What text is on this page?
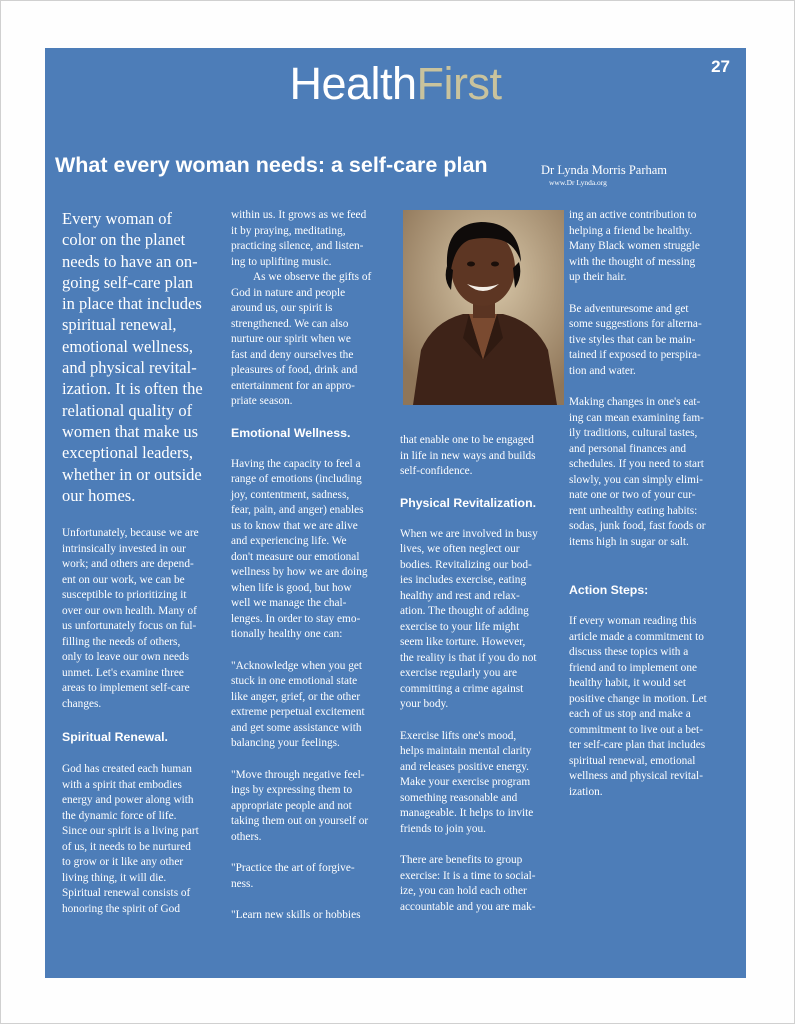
HealthFirst	27
What every woman needs: a self-care plan	Dr Lynda Morris Parham
www.Dr Lynda.org

Every woman of
color on the planet
needs to have an on-
going self-care plan
in place that includes
spiritual renewal,
emotional wellness,
and physical revital-
ization. It is often the
relational quality of
women that make us
exceptional leaders,
whether in or outside
our homes.

Unfortunately, because we are
intrinsically invested in our
work; and others are depend-
ent on our work, we can be
susceptible to prioritizing it
over our own health. Many of
us unfortunately focus on ful-
filling the needs of others,
only to leave our own needs
unmet. Let's examine three
areas to implement self-care
changes.

Spiritual Renewal.

God has created each human
with a spirit that embodies
energy and power along with
the dynamic force of life.
Since our spirit is a living part
of us, it needs to be nurtured
to grow or it like any other
living thing, it will die.
Spiritual renewal consists of
honoring the spirit of God

within us. It grows as we feed
it by praying, meditating,
practicing silence, and listen-
ing to uplifting music.

As we observe the gifts of
God in nature and people
around us, our spirit is
strengthened. We can also
nurture our spirit when we
fast and deny ourselves the
pleasures of food, drink and
entertainment for an appro-
priate season.

Emotional Wellness.

Having the capacity to feel a
range of emotions (including
joy, contentment, sadness,
fear, pain, and anger) enables
us to know that we are alive
and experiencing life. We
don't measure our emotional
wellness by how we are doing
when life is good, but how
well we manage the chal-
lenges. In order to stay emo-
tionally healthy one can:

"Acknowledge when you get
stuck in one emotional state
like anger, grief, or the other
extreme perpetual excitement
and get some assistance with
balancing your feelings.

"Move through negative feel-
ings by expressing them to
appropriate people and not
taking them out on yourself or
others.

"Practice the art of forgive-
ness.

"Learn new skills or hobbies

that enable one to be engaged
in life in new ways and builds
self-confidence.

Physical Revitalization.

When we are involved in busy
lives, we often neglect our
bodies. Revitalizing our bod-
ies includes exercise, eating
healthy and rest and relax-
ation. The thought of adding
exercise to your life might
seem like torture. However,
the reality is that if you do not
exercise regularly you are
committing a crime against
your body.

Exercise lifts one's mood,
helps maintain mental clarity
and releases positive energy.
Make your exercise program
something reasonable and
manageable. It helps to invite
friends to join you.

There are benefits to group
exercise: It is a time to social-
ize, you can hold each other
accountable and you are mak-

ing an active contribution to
helping a friend be healthy.
Many Black women struggle
with the thought of messing
up their hair.

Be adventuresome and get
some suggestions for alterna-
tive styles that can be main-
tained if exposed to perspira-
tion and water.

Making changes in one's eat-
ing can mean examining fam-
ily traditions, cultural tastes,
and personal finances and
schedules. If you need to start
slowly, you can simply elimi-
nate one or two of your cur-
rent unhealthy eating habits:
sodas, junk food, fast foods or
items high in sugar or salt.

Action Steps:

If every woman reading this
article made a commitment to
discuss these topics with a
friend and to implement one
healthy habit, it would set
positive change in motion. Let
each of us stop and make a
commitment to live out a bet-
ter self-care plan that includes
spiritual renewal, emotional
wellness and physical revital-
ization.
